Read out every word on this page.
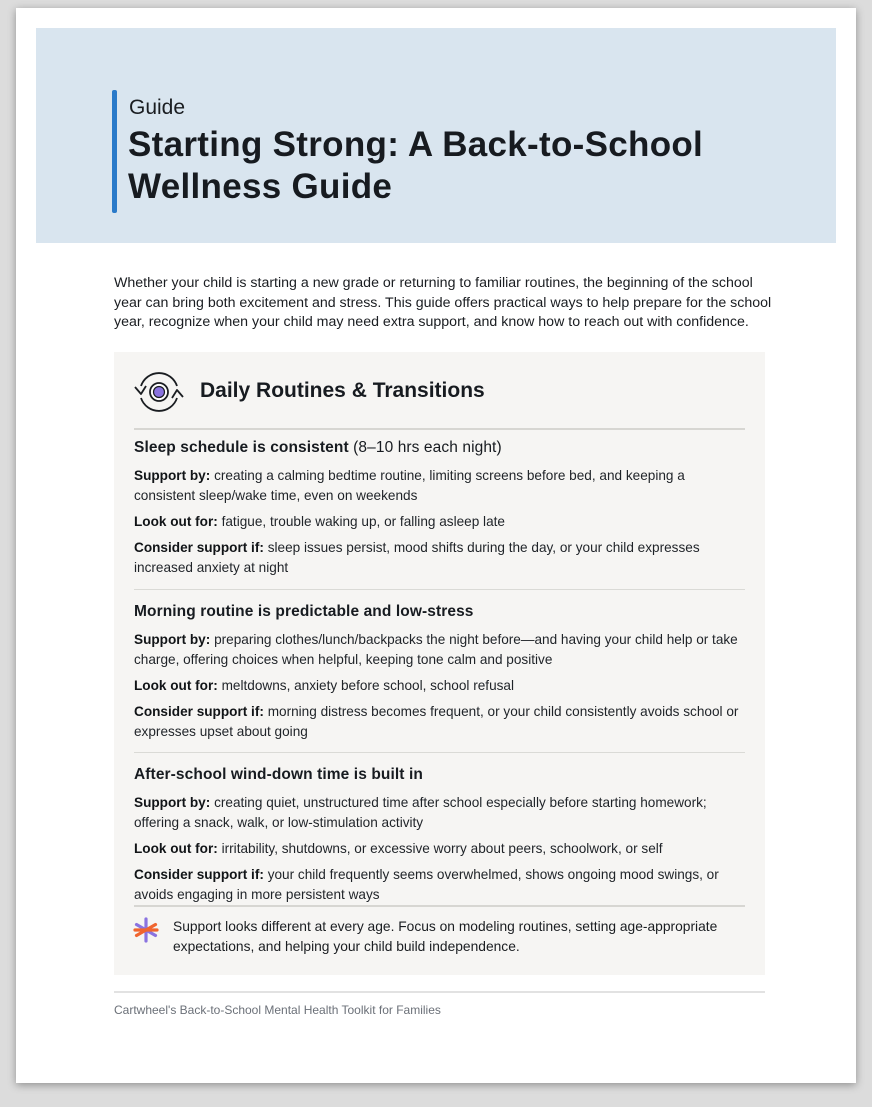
Guide
Starting Strong: A Back-to-School Wellness Guide
Whether your child is starting a new grade or returning to familiar routines, the beginning of the school year can bring both excitement and stress. This guide offers practical ways to help prepare for the school year, recognize when your child may need extra support, and know how to reach out with confidence.
Daily Routines & Transitions
Sleep schedule is consistent (8–10 hrs each night)
Support by: creating a calming bedtime routine, limiting screens before bed, and keeping a consistent sleep/wake time, even on weekends
Look out for: fatigue, trouble waking up, or falling asleep late
Consider support if: sleep issues persist, mood shifts during the day, or your child expresses increased anxiety at night
Morning routine is predictable and low-stress
Support by: preparing clothes/lunch/backpacks the night before—and having your child help or take charge, offering choices when helpful, keeping tone calm and positive
Look out for: meltdowns, anxiety before school, school refusal
Consider support if: morning distress becomes frequent, or your child consistently avoids school or expresses upset about going
After-school wind-down time is built in
Support by: creating quiet, unstructured time after school especially before starting homework; offering a snack, walk, or low-stimulation activity
Look out for: irritability, shutdowns, or excessive worry about peers, schoolwork, or self
Consider support if: your child frequently seems overwhelmed, shows ongoing mood swings, or avoids engaging in more persistent ways
Support looks different at every age. Focus on modeling routines, setting age-appropriate expectations, and helping your child build independence.
Cartwheel's Back-to-School Mental Health Toolkit for Families
